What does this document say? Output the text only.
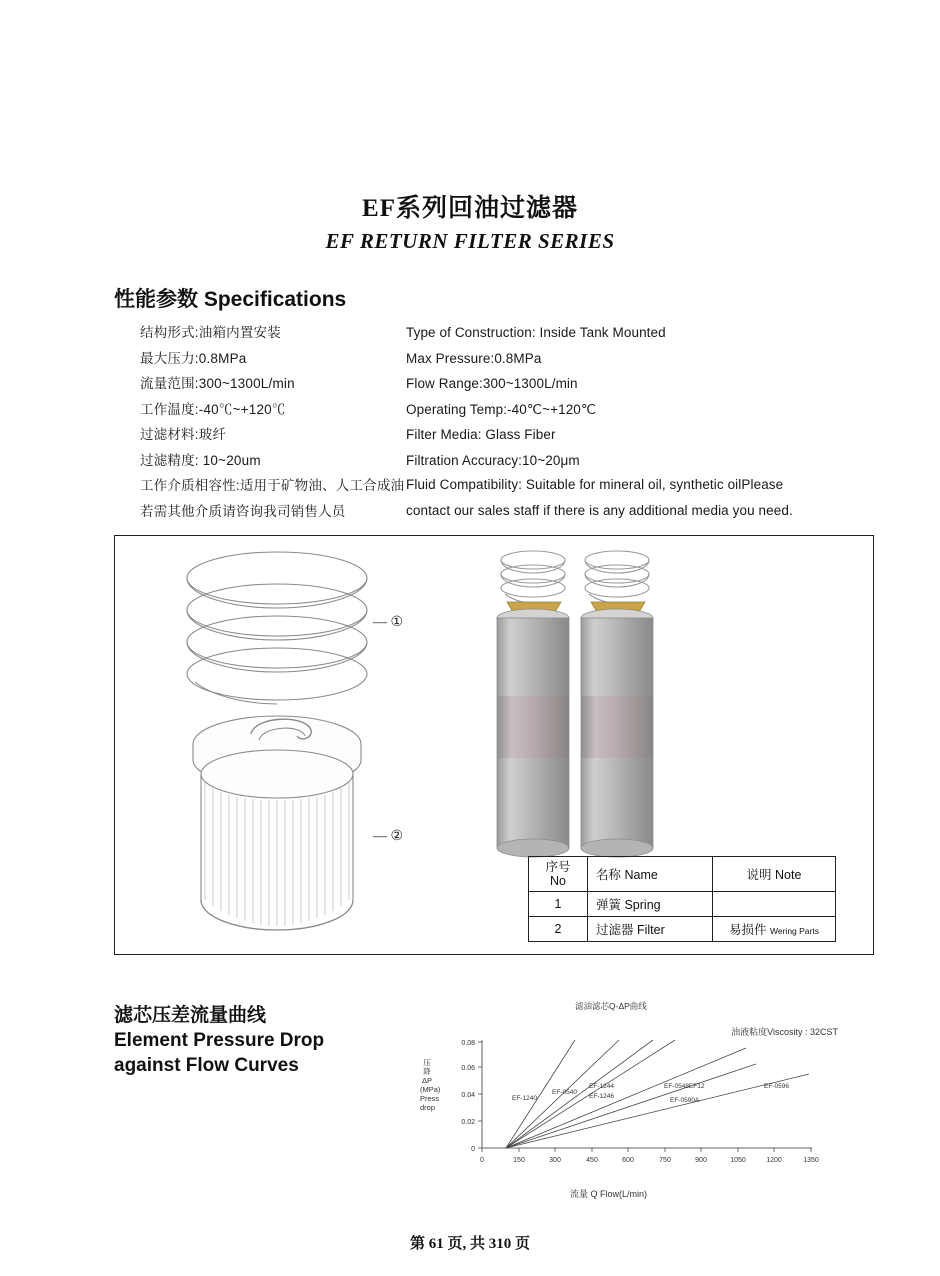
EF系列回油过滤器
EF RETURN FILTER SERIES
性能参数 Specifications
结构形式:油箱内置安装	Type of Construction: Inside Tank Mounted
最大压力:0.8MPa	Max Pressure:0.8MPa
流量范围:300~1300L/min	Flow Range:300~1300L/min
工作温度:-40℃~+120℃	Operating Temp:-40℃~+120℃
过滤材料:玻纤	Filter Media: Glass Fiber
过滤精度: 10~20um	Filtration Accuracy:10~20μm
工作介质相容性:适用于矿物油、人工合成油 Fluid Compatibility: Suitable for mineral oil, synthetic oilPlease
若需其他介质请咨询我司销售人员	contact our sales staff if there is any additional media you need.
— ①
— ②
序号
No	名称 Name	说明 Note
1	弹簧 Spring	
2	过滤器 Filter	易损件 Wering Parts
滤芯压差流量曲线
Element Pressure Drop
against Flow Curves
滤油滤芯Q-ΔP曲线
油液粘度Viscosity : 32CST
压降ΔP (MPa) Press drop
流量 Q Flow(L/min)
0
0.02
0.04
0.06
0.08
0	150	300	450	600	750	900	1050	1200	1350
EF-1240
EF-0540
EF-1244
EF-1246
EF-0548EF12
EF-0590A
EF-0596
第 61 页, 共 310 页
